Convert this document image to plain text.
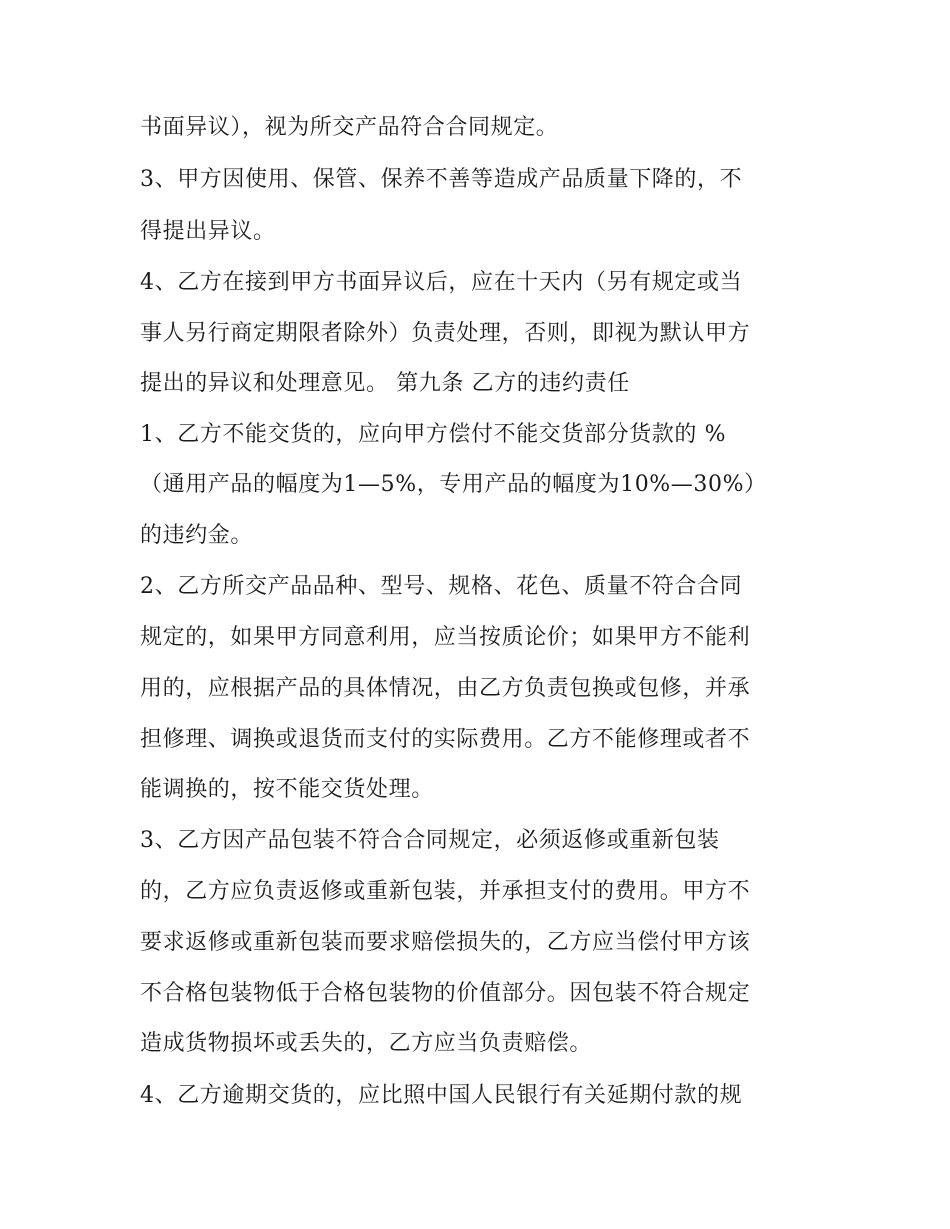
书面异议），视为所交产品符合合同规定。
3、甲方因使用、保管、保养不善等造成产品质量下降的，不
得提出异议。
4、乙方在接到甲方书面异议后，应在十天内（另有规定或当
事人另行商定期限者除外）负责处理，否则，即视为默认甲方
提出的异议和处理意见。 第九条 乙方的违约责任
1、乙方不能交货的，应向甲方偿付不能交货部分货款的 %
（通用产品的幅度为1—5%，专用产品的幅度为10%—30%）
的违约金。
2、乙方所交产品品种、型号、规格、花色、质量不符合合同
规定的，如果甲方同意利用，应当按质论价；如果甲方不能利
用的，应根据产品的具体情况，由乙方负责包换或包修，并承
担修理、调换或退货而支付的实际费用。乙方不能修理或者不
能调换的，按不能交货处理。
3、乙方因产品包装不符合合同规定，必须返修或重新包装
的，乙方应负责返修或重新包装，并承担支付的费用。甲方不
要求返修或重新包装而要求赔偿损失的，乙方应当偿付甲方该
不合格包装物低于合格包装物的价值部分。因包装不符合规定
造成货物损坏或丢失的，乙方应当负责赔偿。
4、乙方逾期交货的，应比照中国人民银行有关延期付款的规
